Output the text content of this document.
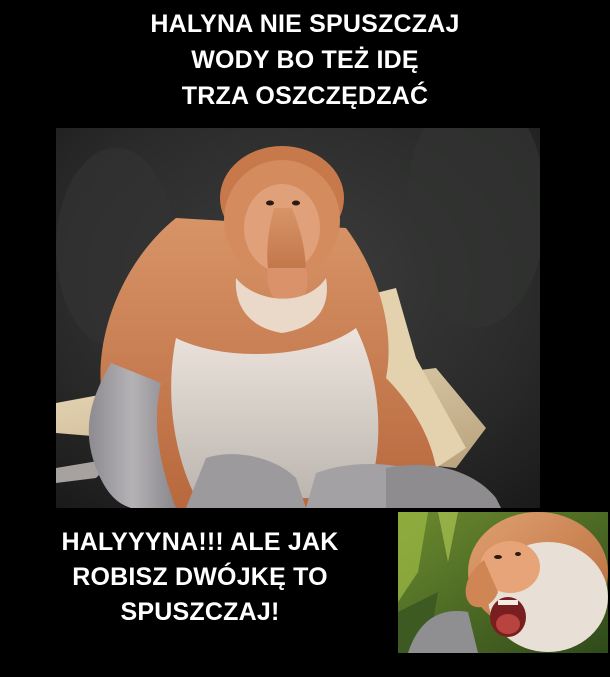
HALYNA NIE SPUSZCZAJ
WODY BO TEŻ IDĘ
TRZA OSZCZĘDZAĆ
HALYYYNA!!! ALE JAK
ROBISZ DWÓJKĘ TO
SPUSZCZAJ!
